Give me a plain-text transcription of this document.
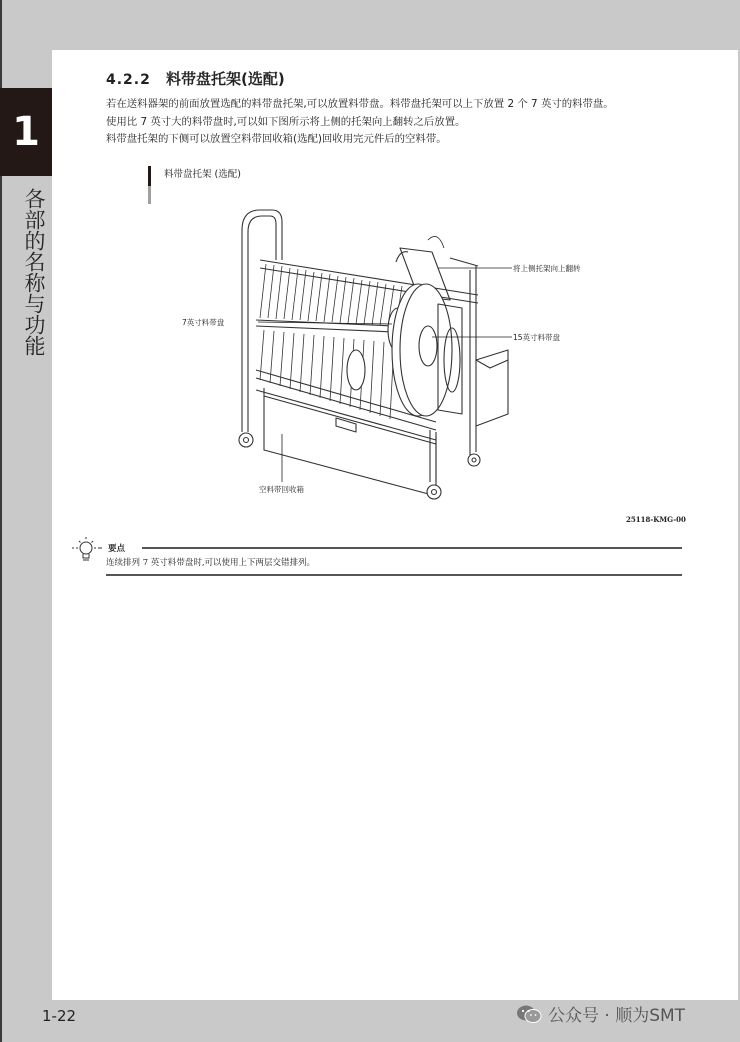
1
各部的名称与功能
4.2.2 料带盘托架(选配)

若在送料器架的前面放置选配的料带盘托架,可以放置料带盘。料带盘托架可以上下放置 2 个 7 英寸的料带盘。

使用比 7 英寸大的料带盘时,可以如下图所示将上侧的托架向上翻转之后放置。

料带盘托架的下侧可以放置空料带回收箱(选配)回收用完元件后的空料带。

料带盘托架 (选配)
将上侧托架向上翻转
7英寸料带盘
15英寸料带盘
空料带回收箱
25118-KMG-00
要点
连续排列 7 英寸料带盘时,可以使用上下两层交错排列。
1-22	公众号 · 顺为SMT
